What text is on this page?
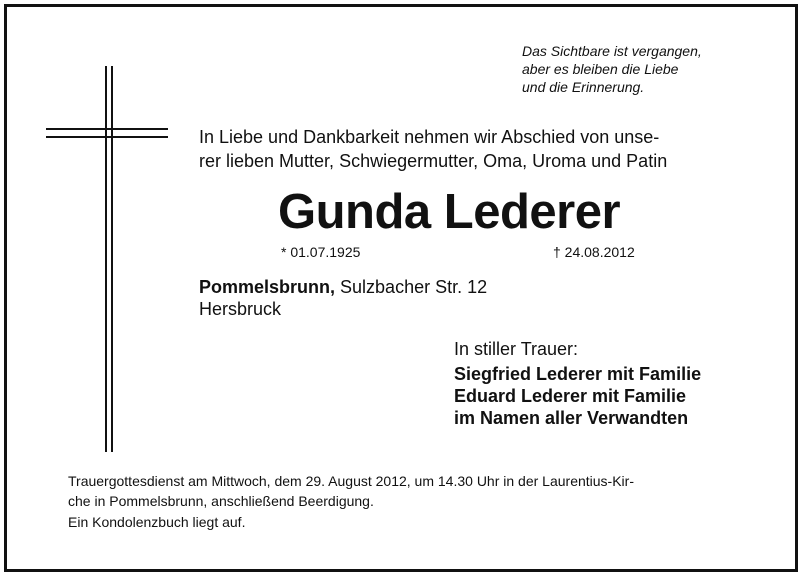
Das Sichtbare ist vergangen,
aber es bleiben die Liebe
und die Erinnerung.
In Liebe und Dankbarkeit nehmen wir Abschied von unse-
rer lieben Mutter, Schwiegermutter, Oma, Uroma und Patin
Gunda Lederer
* 01.07.1925	† 24.08.2012
Pommelsbrunn, Sulzbacher Str. 12
Hersbruck
In stiller Trauer:
Siegfried Lederer mit Familie
Eduard Lederer mit Familie
im Namen aller Verwandten
Trauergottesdienst am Mittwoch, dem 29. August 2012, um 14.30 Uhr in der Laurentius-Kir-
che in Pommelsbrunn, anschließend Beerdigung.
Ein Kondolenzbuch liegt auf.
